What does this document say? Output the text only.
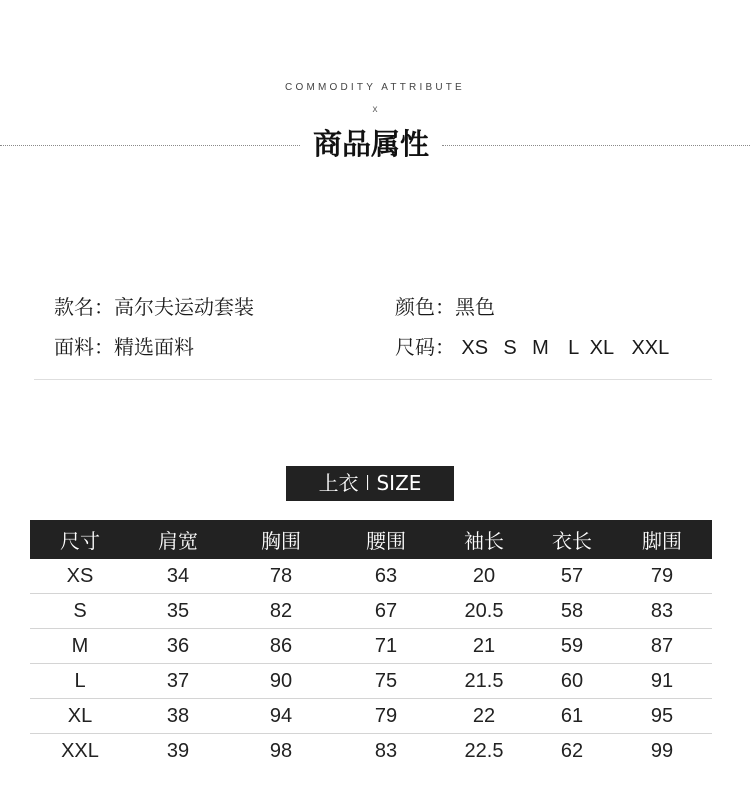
COMMODITY ATTRIBUTE
x
商品属性
款名：高尔夫运动套装	颜色：黑色
面料：精选面料	尺码： XS S M L XL XXL
上衣 I SIZE
尺寸	肩宽	胸围	腰围	袖长	衣长	脚围
XS	34	78	63	20	57	79
S	35	82	67	20.5	58	83
M	36	86	71	21	59	87
L	37	90	75	21.5	60	91
XL	38	94	79	22	61	95
XXL	39	98	83	22.5	62	99
